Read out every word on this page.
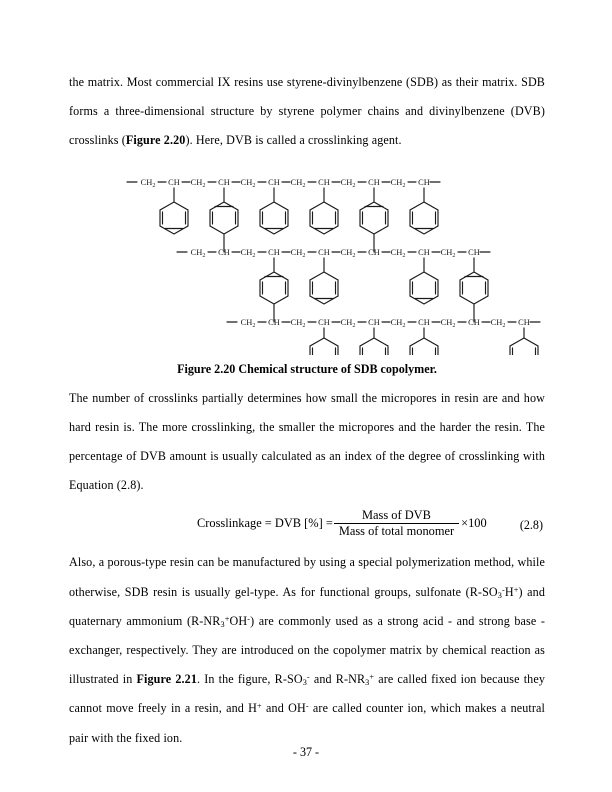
the matrix. Most commercial IX resins use styrene-divinylbenzene (SDB) as their matrix. SDB forms a three-dimensional structure by styrene polymer chains and divinylbenzene (DVB) crosslinks (Figure 2.20). Here, DVB is called a crosslinking agent.

$CH_2$ CH $CH_2$ CH $CH_2$ CH $CH_2$ CH $CH_2$ CH $CH_2$ CH
$CH_2$ CH $CH_2$ CH $CH_2$ CH $CH_2$ CH $CH_2$ CH $CH_2$ CH
$CH_2$ CH $CH_2$ CH $CH_2$ CH $CH_2$ CH $CH_2$ CH $CH_2$ CH
Figure 2.20 Chemical structure of SDB copolymer.

The number of crosslinks partially determines how small the micropores in resin are and how hard resin is. The more crosslinking, the smaller the micropores and the harder the resin. The percentage of DVB amount is usually calculated as an index of the degree of crosslinking with Equation (2.8).

Crosslinkage = DVB [%] = $\frac{\text{Mass of DVB}}{\text{Mass of total monomer}} \times 100$	(2.8)

Also, a porous-type resin can be manufactured by using a special polymerization method, while otherwise, SDB resin is usually gel-type. As for functional groups, sulfonate $(R-SO_3^-H^+)$ and quaternary ammonium $(R-NR_3^+OH^-)$ are commonly used as a strong acid - and strong base - exchanger, respectively. They are introduced on the copolymer matrix by chemical reaction as illustrated in Figure 2.21. In the figure, $R-SO_3^-$ and $R-NR_3^+$ are called fixed ion because they cannot move freely in a resin, and H+ and OH- are called counter ion, which makes a neutral pair with the fixed ion.

- 37 -
